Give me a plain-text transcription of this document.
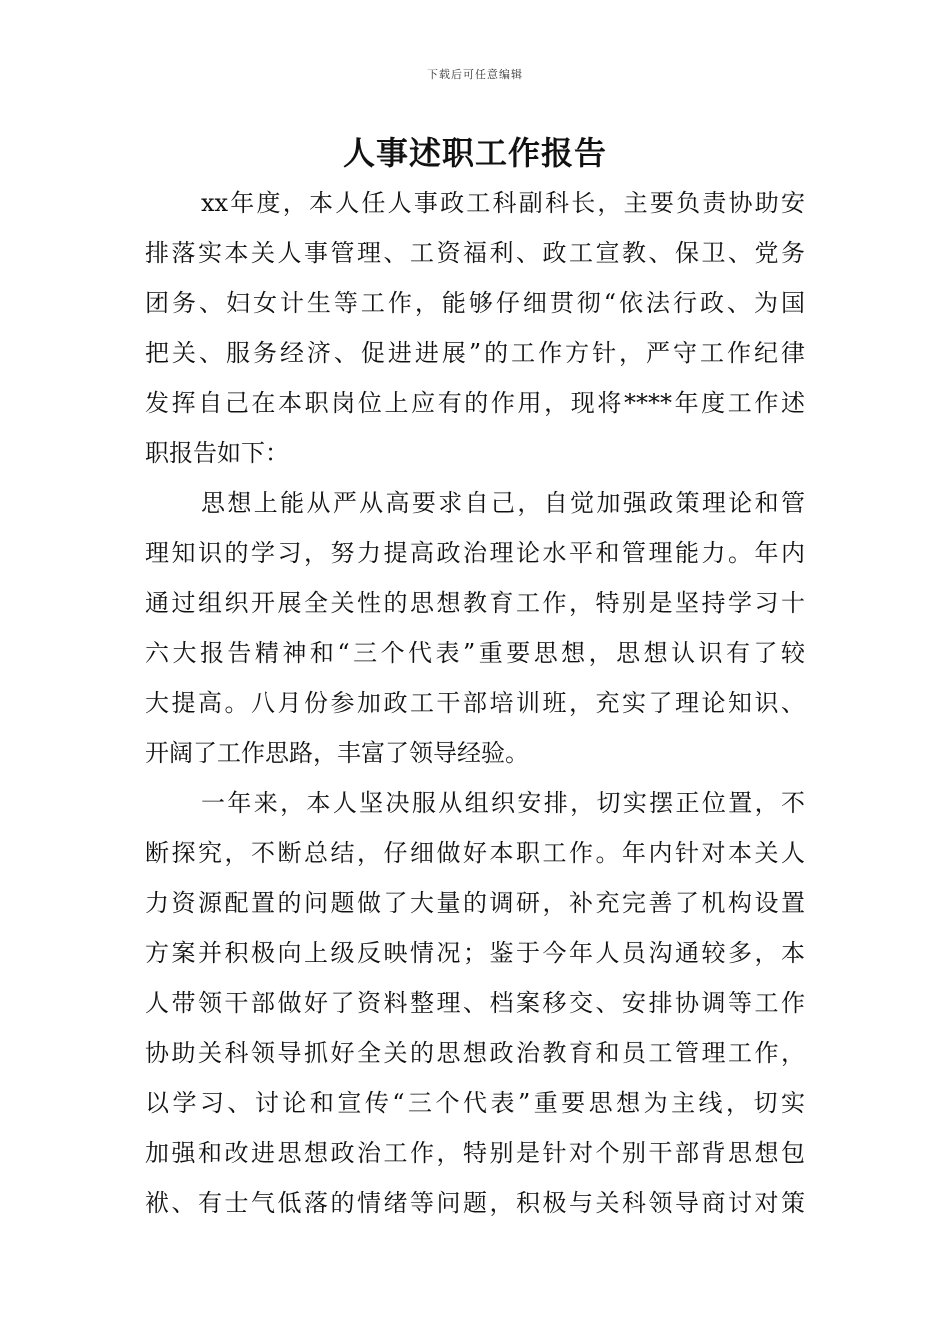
下载后可任意编辑
人事述职工作报告
xx年度，本人任人事政工科副科长，主要负责协助安
排落实本关人事管理、工资福利、政工宣教、保卫、党务
团务、妇女计生等工作，能够仔细贯彻“依法行政、为国
把关、服务经济、促进进展”的工作方针，严守工作纪律
发挥自己在本职岗位上应有的作用，现将****年度工作述
职报告如下：
思想上能从严从高要求自己，自觉加强政策理论和管
理知识的学习，努力提高政治理论水平和管理能力。年内
通过组织开展全关性的思想教育工作，特别是坚持学习十
六大报告精神和“三个代表”重要思想，思想认识有了较
大提高。八月份参加政工干部培训班，充实了理论知识、
开阔了工作思路，丰富了领导经验。
一年来，本人坚决服从组织安排，切实摆正位置，不
断探究，不断总结，仔细做好本职工作。年内针对本关人
力资源配置的问题做了大量的调研，补充完善了机构设置
方案并积极向上级反映情况；鉴于今年人员沟通较多，本
人带领干部做好了资料整理、档案移交、安排协调等工作
协助关科领导抓好全关的思想政治教育和员工管理工作，
以学习、讨论和宣传“三个代表”重要思想为主线，切实
加强和改进思想政治工作，特别是针对个别干部背思想包
袱、有士气低落的情绪等问题，积极与关科领导商讨对策
